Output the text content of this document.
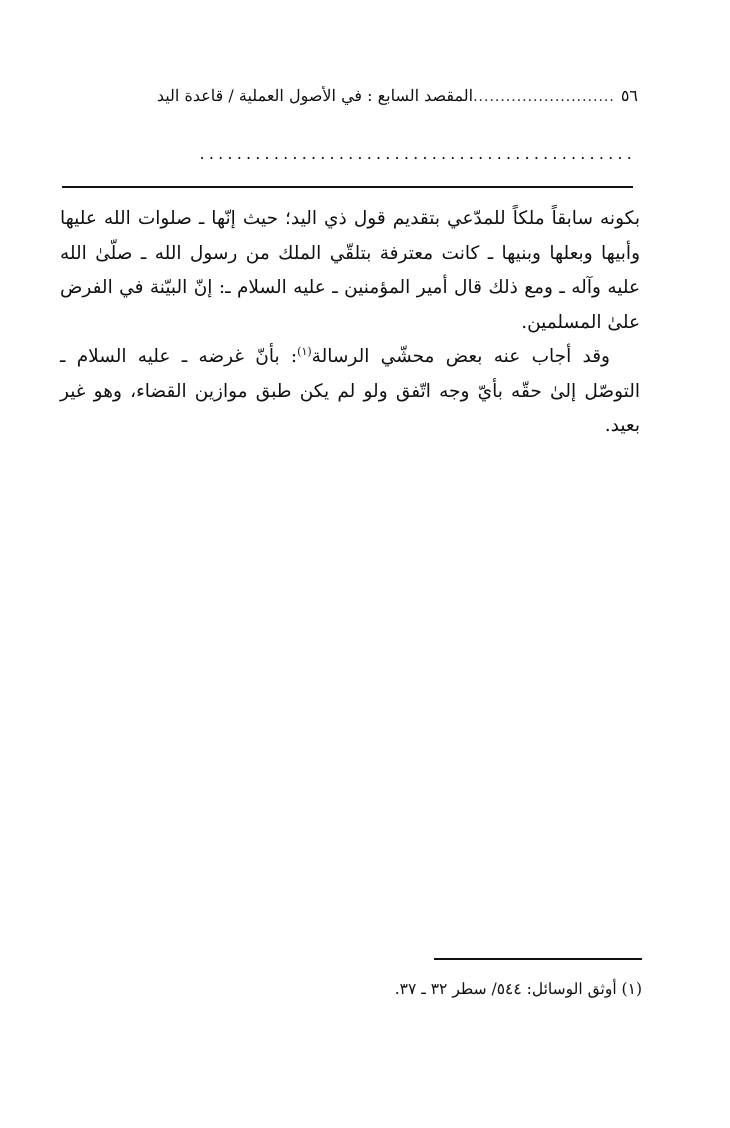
٥٦
..........................
المقصد السابع : في الأصول العملية / قاعدة اليد
...............................................

بكونه سابقاً ملكاً للمدّعي بتقديم قول ذي اليد؛ حيث إنّها ـ صلوات الله عليها وأبيها وبعلها وبنيها ـ كانت معترفة بتلقّي الملك من رسول الله ـ صلّىٰ الله عليه وآله ـ ومع ذلك قال أمير المؤمنين ـ عليه السلام ـ: إنّ البيّنة في الفرض علىٰ المسلمين.

وقد أجاب عنه بعض محشّي الرسالة$^{(١)}$: بأنّ غرضه ـ عليه السلام ـ التوصّل إلىٰ حقّه بأيّ وجه اتّفق ولو لم يكن طبق موازين القضاء، وهو غير بعيد.

(١) أوثق الوسائل: ٥٤٤/ سطر ٣٢ ـ ٣٧.
